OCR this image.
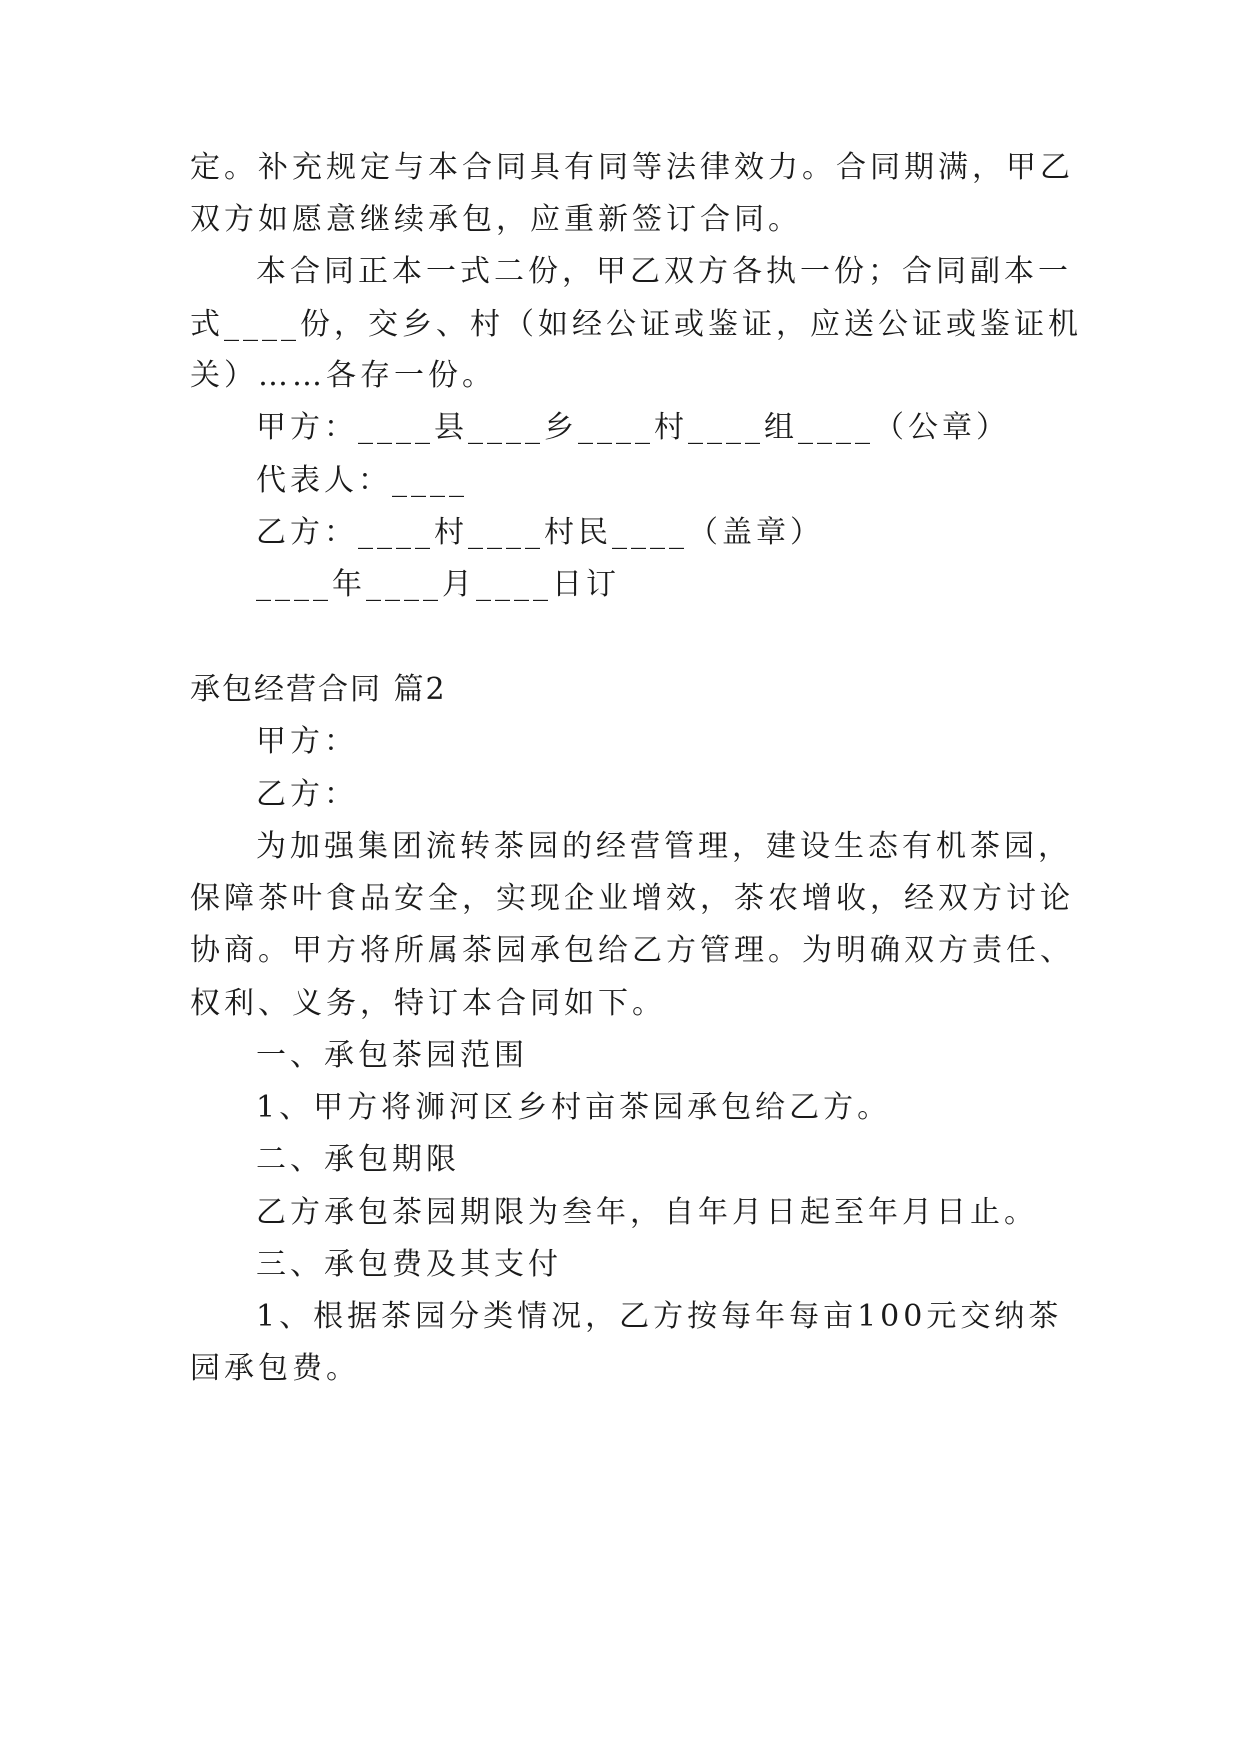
定。补充规定与本合同具有同等法律效力。合同期满，甲乙
双方如愿意继续承包，应重新签订合同。
本合同正本一式二份，甲乙双方各执一份；合同副本一
式____份，交乡、村（如经公证或鉴证，应送公证或鉴证机
关）……各存一份。
甲方：____县____乡____村____组____（公章）
代表人：____
乙方：____村____村民____（盖章）
____年____月____日订
承包经营合同 篇2
甲方：
乙方：
为加强集团流转茶园的经营管理，建设生态有机茶园，
保障茶叶食品安全，实现企业增效，茶农增收，经双方讨论
协商。甲方将所属茶园承包给乙方管理。为明确双方责任、
权利、义务，特订本合同如下。
一、承包茶园范围
1、甲方将浉河区乡村亩茶园承包给乙方。
二、承包期限
乙方承包茶园期限为叁年，自年月日起至年月日止。
三、承包费及其支付
1、根据茶园分类情况，乙方按每年每亩100元交纳茶
园承包费。
